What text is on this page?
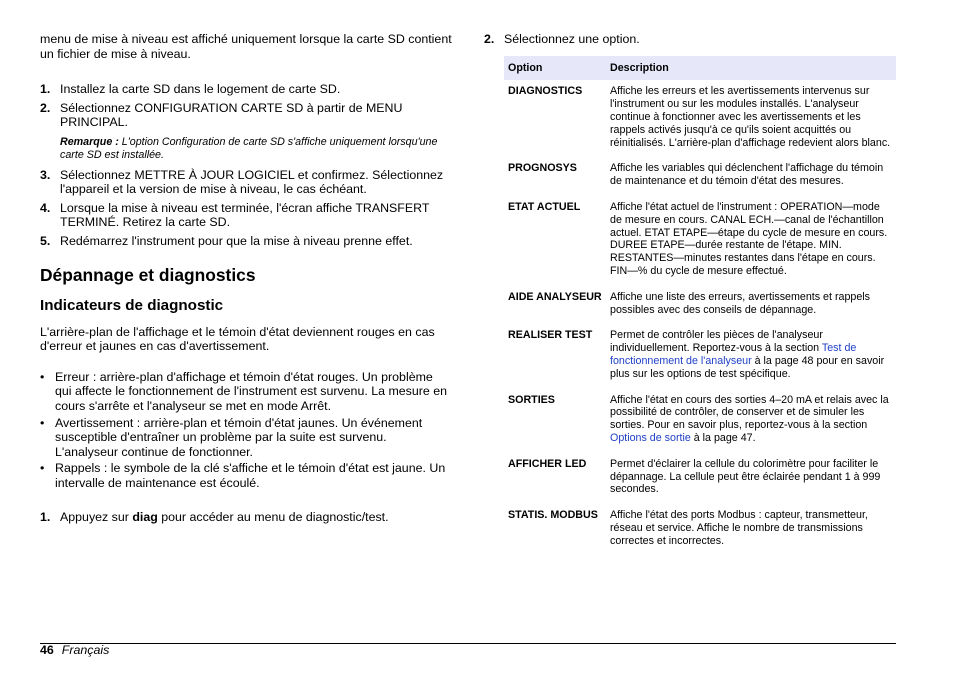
menu de mise à niveau est affiché uniquement lorsque la carte SD contient un fichier de mise à niveau.

1. Installez la carte SD dans le logement de carte SD.
2. Sélectionnez CONFIGURATION CARTE SD à partir de MENU PRINCIPAL.

Remarque : L'option Configuration de carte SD s'affiche uniquement lorsqu'une carte SD est installée.

3. Sélectionnez METTRE À JOUR LOGICIEL et confirmez. Sélectionnez l'appareil et la version de mise à niveau, le cas échéant.
4. Lorsque la mise à niveau est terminée, l'écran affiche TRANSFERT TERMINÉ. Retirez la carte SD.
5. Redémarrez l'instrument pour que la mise à niveau prenne effet.
Dépannage et diagnostics
Indicateurs de diagnostic

L'arrière-plan de l'affichage et le témoin d'état deviennent rouges en cas d'erreur et jaunes en cas d'avertissement.

• Erreur : arrière-plan d'affichage et témoin d'état rouges. Un problème qui affecte le fonctionnement de l'instrument est survenu. La mesure en cours s'arrête et l'analyseur se met en mode Arrêt.
• Avertissement : arrière-plan et témoin d'état jaunes. Un événement susceptible d'entraîner un problème par la suite est survenu. L'analyseur continue de fonctionner.
• Rappels : le symbole de la clé s'affiche et le témoin d'état est jaune. Un intervalle de maintenance est écoulé.
1. Appuyez sur diag pour accéder au menu de diagnostic/test.
2. Sélectionnez une option.
Option	Description
DIAGNOSTICS	Affiche les erreurs et les avertissements intervenus sur l'instrument ou sur les modules installés. L'analyseur continue à fonctionner avec les avertissements et les rappels activés jusqu'à ce qu'ils soient acquittés ou réinitialisés. L'arrière-plan d'affichage redevient alors blanc.
PROGNOSYS	Affiche les variables qui déclenchent l'affichage du témoin de maintenance et du témoin d'état des mesures.
ETAT ACTUEL	Affiche l'état actuel de l'instrument : OPERATION—mode de mesure en cours. CANAL ECH.—canal de l'échantillon actuel. ETAT ETAPE—étape du cycle de mesure en cours. DUREE ETAPE—durée restante de l'étape. MIN. RESTANTES—minutes restantes dans l'étape en cours. FIN—% du cycle de mesure effectué.
AIDE ANALYSEUR	Affiche une liste des erreurs, avertissements et rappels possibles avec des conseils de dépannage.
REALISER TEST	Permet de contrôler les pièces de l'analyseur individuellement. Reportez-vous à la section Test de fonctionnement de l'analyseur à la page 48 pour en savoir plus sur les options de test spécifique.
SORTIES	Affiche l'état en cours des sorties 4–20 mA et relais avec la possibilité de contrôler, de conserver et de simuler les sorties. Pour en savoir plus, reportez-vous à la section Options de sortie à la page 47.
AFFICHER LED	Permet d'éclairer la cellule du colorimètre pour faciliter le dépannage. La cellule peut être éclairée pendant 1 à 999 secondes.
STATIS. MODBUS	Affiche l'état des ports Modbus : capteur, transmetteur, réseau et service. Affiche le nombre de transmissions correctes et incorrectes.
46 Français
